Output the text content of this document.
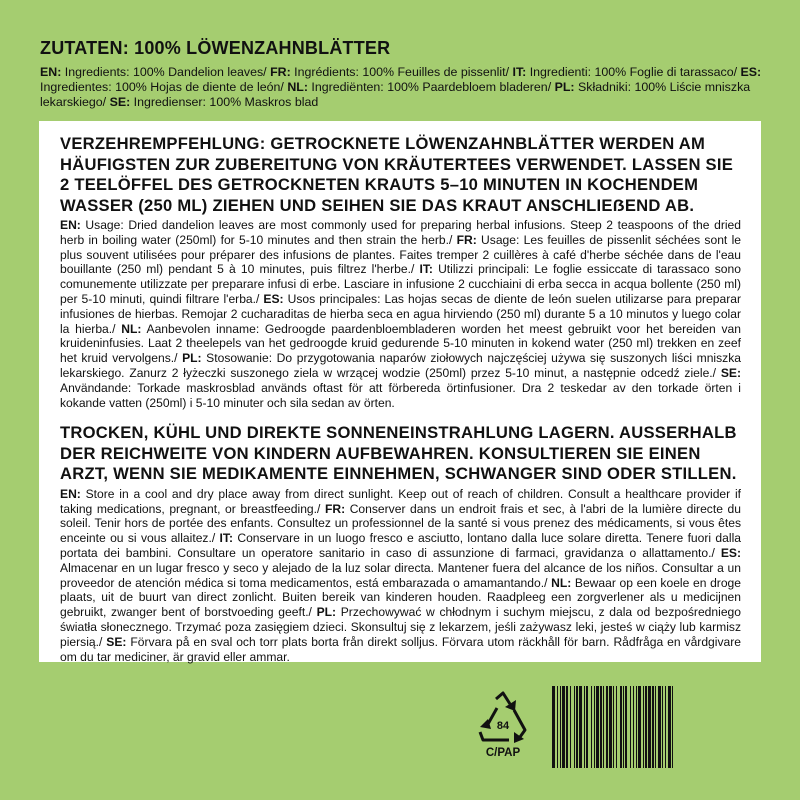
ZUTATEN: 100% LÖWENZAHNBLÄTTER

EN: Ingredients: 100% Dandelion leaves/ FR: Ingrédients: 100% Feuilles de pissenlit/ IT: Ingredienti: 100% Foglie di tarassaco/ ES: Ingredientes: 100% Hojas de diente de león/ NL: Ingrediënten: 100% Paardebloem bladeren/ PL: Składniki: 100% Liście mniszka lekarskiego/ SE: Ingredienser: 100% Maskros blad

VERZEHREMPFEHLUNG: GETROCKNETE LÖWENZAHNBLÄTTER WERDEN AM HÄUFIGSTEN ZUR ZUBEREITUNG VON KRÄUTERTEES VERWENDET. LASSEN SIE 2 TEELÖFFEL DES GETROCKNETEN KRAUTS 5–10 MINUTEN IN KOCHENDEM WASSER (250 ML) ZIEHEN UND SEIHEN SIE DAS KRAUT ANSCHLIEẞEND AB.

EN: Usage: Dried dandelion leaves are most commonly used for preparing herbal infusions. Steep 2 teaspoons of the dried herb in boiling water (250ml) for 5-10 minutes and then strain the herb./ FR: Usage: Les feuilles de pissenlit séchées sont le plus souvent utilisées pour préparer des infusions de plantes. Faites tremper 2 cuillères à café d'herbe séchée dans de l'eau bouillante (250 ml) pendant 5 à 10 minutes, puis filtrez l'herbe./ IT: Utilizzi principali: Le foglie essiccate di tarassaco sono comunemente utilizzate per preparare infusi di erbe. Lasciare in infusione 2 cucchiaini di erba secca in acqua bollente (250 ml) per 5-10 minuti, quindi filtrare l'erba./ ES: Usos principales: Las hojas secas de diente de león suelen utilizarse para preparar infusiones de hierbas. Remojar 2 cucharaditas de hierba seca en agua hirviendo (250 ml) durante 5 a 10 minutos y luego colar la hierba./ NL: Aanbevolen inname: Gedroogde paardenbloembladeren worden het meest gebruikt voor het bereiden van kruideninfusies. Laat 2 theelepels van het gedroogde kruid gedurende 5-10 minuten in kokend water (250 ml) trekken en zeef het kruid vervolgens./ PL: Stosowanie: Do przygotowania naparów ziołowych najczęściej używa się suszonych liści mniszka lekarskiego. Zanurz 2 łyżeczki suszonego ziela w wrzącej wodzie (250ml) przez 5-10 minut, a następnie odcedź ziele./ SE: Användande: Torkade maskrosblad används oftast för att förbereda örtinfusioner. Dra 2 teskedar av den torkade örten i kokande vatten (250ml) i 5-10 minuter och sila sedan av örten.

TROCKEN, KÜHL UND DIREKTE SONNENEINSTRAHLUNG LAGERN. AUSSERHALB DER REICHWEITE VON KINDERN AUFBEWAHREN. KONSULTIEREN SIE EINEN ARZT, WENN SIE MEDIKAMENTE EINNEHMEN, SCHWANGER SIND ODER STILLEN.

EN: Store in a cool and dry place away from direct sunlight. Keep out of reach of children. Consult a healthcare provider if taking medications, pregnant, or breastfeeding./ FR: Conserver dans un endroit frais et sec, à l'abri de la lumière directe du soleil. Tenir hors de portée des enfants. Consultez un professionnel de la santé si vous prenez des médicaments, si vous êtes enceinte ou si vous allaitez./ IT: Conservare in un luogo fresco e asciutto, lontano dalla luce solare diretta. Tenere fuori dalla portata dei bambini. Consultare un operatore sanitario in caso di assunzione di farmaci, gravidanza o allattamento./ ES: Almacenar en un lugar fresco y seco y alejado de la luz solar directa. Mantener fuera del alcance de los niños. Consultar a un proveedor de atención médica si toma medicamentos, está embarazada o amamantando./ NL: Bewaar op een koele en droge plaats, uit de buurt van direct zonlicht. Buiten bereik van kinderen houden. Raadpleeg een zorgverlener als u medicijnen gebruikt, zwanger bent of borstvoeding geeft./ PL: Przechowywać w chłodnym i suchym miejscu, z dala od bezpośredniego światła słonecznego. Trzymać poza zasięgiem dzieci. Skonsultuj się z lekarzem, jeśli zażywasz leki, jesteś w ciąży lub karmisz piersią./ SE: Förvara på en sval och torr plats borta från direkt solljus. Förvara utom räckhåll för barn. Rådfråga en vårdgivare om du tar mediciner, är gravid eller ammar.

84
C/PAP
